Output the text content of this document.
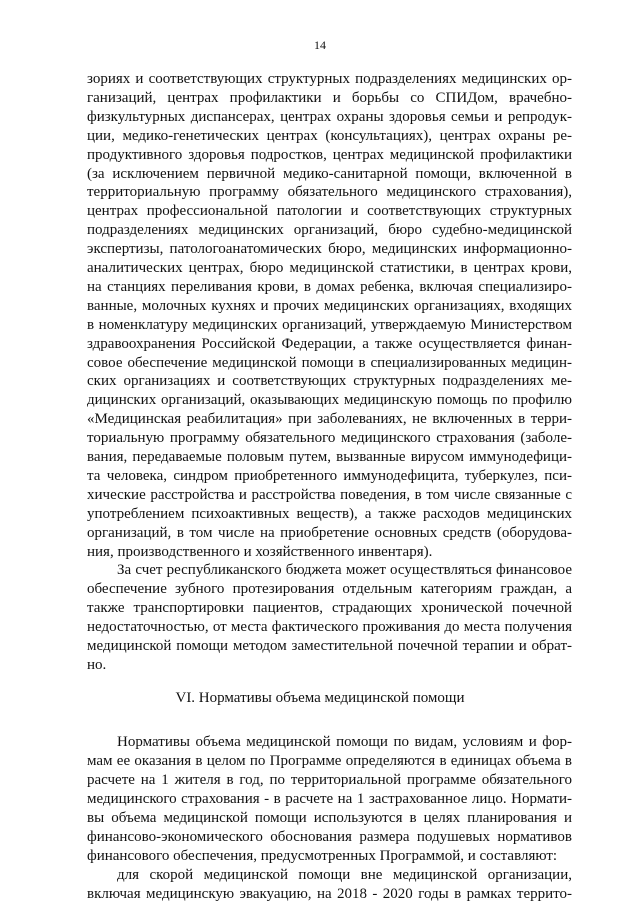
14
зориях и соответствующих структурных подразделениях медицинских ор-
ганизаций, центрах профилактики и борьбы со СПИДом, врачебно-
физкультурных диспансерах, центрах охраны здоровья семьи и репродук-
ции, медико-генетических центрах (консультациях), центрах охраны ре-
продуктивного здоровья подростков, центрах медицинской профилактики
(за исключением первичной медико-санитарной помощи, включенной в
территориальную программу обязательного медицинского страхования),
центрах профессиональной патологии и соответствующих структурных
подразделениях медицинских организаций, бюро судебно-медицинской
экспертизы, патологоанатомических бюро, медицинских информационно-
аналитических центрах, бюро медицинской статистики, в центрах крови,
на станциях переливания крови, в домах ребенка, включая специализиро-
ванные, молочных кухнях и прочих медицинских организациях, входящих
в номенклатуру медицинских организаций, утверждаемую Министерством
здравоохранения Российской Федерации, а также осуществляется финан-
совое обеспечение медицинской помощи в специализированных медицин-
ских организациях и соответствующих структурных подразделениях ме-
дицинских организаций, оказывающих медицинскую помощь по профилю
«Медицинская реабилитация» при заболеваниях, не включенных в терри-
ториальную программу обязательного медицинского страхования (заболе-
вания, передаваемые половым путем, вызванные вирусом иммунодефици-
та человека, синдром приобретенного иммунодефицита, туберкулез, пси-
хические расстройства и расстройства поведения, в том числе связанные с
употреблением психоактивных веществ), а также расходов медицинских
организаций, в том числе на приобретение основных средств (оборудова-
ния, производственного и хозяйственного инвентаря).
За счет республиканского бюджета может осуществляться финансовое
обеспечение зубного протезирования отдельным категориям граждан, а
также транспортировки пациентов, страдающих хронической почечной
недостаточностью, от места фактического проживания до места получения
медицинской помощи методом заместительной почечной терапии и обрат-
но.
VI. Нормативы объема медицинской помощи
Нормативы объема медицинской помощи по видам, условиям и фор-
мам ее оказания в целом по Программе определяются в единицах объема в
расчете на 1 жителя в год, по территориальной программе обязательного
медицинского страхования - в расчете на 1 застрахованное лицо. Нормати-
вы объема медицинской помощи используются в целях планирования и
финансово-экономического обоснования размера подушевых нормативов
финансового обеспечения, предусмотренных Программой, и составляют:
для скорой медицинской помощи вне медицинской организации,
включая медицинскую эвакуацию, на 2018 - 2020 годы в рамках террито-
